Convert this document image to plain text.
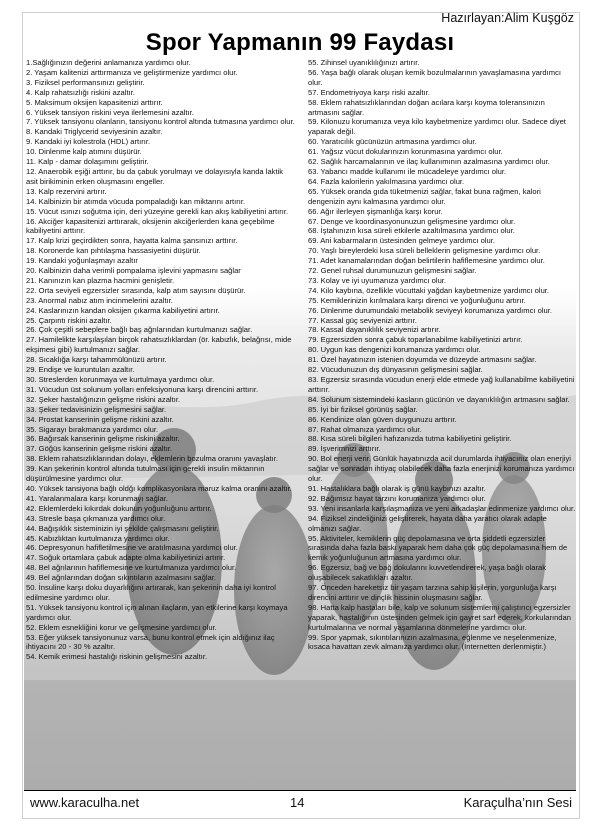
Hazırlayan:Alim Kuşgöz
Spor Yapmanın 99 Faydası
1.Sağlığınızın değerini anlamanıza yardımcı olur.
2. Yaşam kalitenizi arttırmanıza ve geliştirmenize yardımcı olur.
3. Fiziksel performansınızı geliştirir.
4. Kalp rahatsızlığı riskini azaltır.
5. Maksimum oksijen kapasitenizi arttırır.
6. Yüksek tansiyon riskini veya ilerlemesini azaltır.
7. Yüksek tansiyonu olanların, tansiyonu kontrol altında tutmasına yardımcı olur.
8. Kandaki Triglycerid seviyesinin azaltır.
9. Kandaki iyi kolestrola (HDL) artırır.
10. Dinlenme kalp atımını düşürür.
11. Kalp - damar dolaşımını geliştirir.
12. Anaerobik eşiği arttırır, bu da çabuk yorulmayı ve dolayısıyla kanda laktik asit birikiminin erken oluşmasını engeller.
13. Kalp rezervini artırır.
14. Kalbinizin bir atımda vücuda pompaladığı kan miktarını artırır.
15. Vücut ısınızı soğutma için, deri yüzeyine gerekli kan akış kabiliyetini artırır.
16. Akciğer kapasitenizi arttırarak, oksijenin akciğerlerden kana geçebilme kabiliyetini arttırır.
17. Kalp krizi geçirdikten sonra, hayatta kalma şansınızı arttırır.
18. Koronerde kan pıhtılaşma hassasiyetini düşürür.
19. Kandaki yoğunlaşmayı azaltır
20. Kalbinizin daha verimli pompalama işlevini yapmasını sağlar
21. Kanınızın kan plazma hacmini genişletir.
22. Orta seviyeli egzersizler sırasında, kalp atım sayısını düşürür.
23. Anormal nabız atım incinmelerini azaltır.
24. Kaslarınızın kandan oksijen çıkarma kabiliyetini artırır.
25. Çarpıntı riskini azaltır.
26. Çok çeşitli sebeplere bağlı baş ağrılarından kurtulmanızı sağlar.
27. Hamilelikte karşılaşılan birçok rahatsızlıklardan (ör. kabızlık, belağrısı, mide ekşimesi gibi) kurtulmanızı sağlar.
28. Sıcaklığa karşı tahammülünüzü artırır.
29. Endişe ve kuruntuları azaltır.
30. Streslerden korunmaya ve kurtulmaya yardımcı olur.
31. Vücudun üst solunum yolları enfeksiyonuna karşı direncini arttırır.
32. Şeker hastalığınızın gelişme riskini azaltır.
33. Şeker tedavisinizin gelişmesini sağlar.
34. Prostat kanserinin gelişme riskini azaltır.
35. Sigarayı bırakmanıza yardımcı olur.
36. Bağırsak kanserinin gelişme riskini azaltır.
37. Göğüs kanserinin gelişme riskini azaltır.
38. Eklem rahatsızlıklarından dolayı, eklemlerin bozulma oranını yavaşlatır.
39. Kan şekerinin kontrol altında tutulması için gerekli insulin miktarının düşürülmesine yardımcı olur.
40. Yüksek tansiyona bağlı oldğı komplikasyonlara maruz kalma oranını azaltır.
41. Yaralanmalara karşı korunmayı sağlar.
42. Eklemlerdeki kıkırdak dokunun yoğunluğunu arttırır.
43. Stresle başa çıkmanıza yardımcı olur.
44. Bağışıklık sisteminizin iyi şekilde çalışmasını geliştirir.
45. Kabızlıktan kurtulmanıza yardımcı olur.
46. Depresyonun hafifletilmesine ve aratılmasına yardımcı olur.
47. Soğuk ortamlara çabuk adapte olma kabiliyetinizi artırır.
48. Bel ağrılarının hafiflemesine ve kurtulmanıza yardımcı olur.
49. Bel ağrılarından doğan sıkıntıların azalmasını sağlar.
50. İnsuline karşı doku duyarlılığını artırarak, kan şekerinin daha iyi kontrol edilmesine yardımcı olur.
51. Yüksek tansiyonu kontrol için alınan ilaçların, yan etkilerine karşı koymaya yardımcı olur.
52. Eklem esnekliğini korur ve gelişmesine yardımcı olur.
53. Eğer yüksek tansiyonunuz varsa, bunu kontrol etmek için aldığınız ilaç ihtiyacını 20 - 30 % azaltır.
54. Kemik erimesi hastalığı riskinin gelişmesini azaltır.
55. Zihinsel uyanıklılığınızı artırır.
56. Yaşa bağlı olarak oluşan kemik bozulmalarının yavaşlamasına yardımcı olur.
57. Endometriyoya karşı riski azaltır.
58. Eklem rahatsızlıklarından doğan acılara karşı koyma toleransınızın artmasını sağlar.
59. Kilonuzu korumanıza veya kilo kaybetmenize yardımcı olur. Sadece diyet yaparak değil.
60. Yaratıcılık gücünüzün artmasına yardımcı olur.
61. Yağsız vücut dokularınızın korunmasına yardımcı olur.
62. Sağlık harcamalarının ve ilaç kullanımının azalmasına yardımcı olur.
63. Yabancı madde kullanımı ile mücadeleye yardımcı olur.
64. Fazla kalorilerin yakılmasına yardımcı olur.
65. Yüksek oranda gıda tüketmenizi sağlar, fakat buna rağmen, kalori dengenizin aynı kalmasına yardımcı olur.
66. Ağır ilerleyen şişmanlığa karşı korur.
67. Denge ve koordinasyonunuzun gelişmesine yardımcı olur.
68. İştahınızın kısa süreli etkilerle azaltılmasına yardımcı olur.
69. Ani kabarmaların üstesinden gelmeye yardımcı olur.
70. Yaşlı bireylerdeki kısa süreli belleklerin gelişmesine yardımcı olur.
71. Adet kanamalarından doğan belirtilerin hafiflemesine yardımcı olur.
72. Genel ruhsal durumunuzun gelişmesini sağlar.
73. Kolay ve iyi uyumanıza yardımcı olur.
74. Kilo kaybına, özellikle vücuttaki yağdan kaybetmenize yardımcı olur.
75. Kemiklerinizin kırılmalara karşı direnci ve yoğunluğunu artırır.
76. Dinlenme durumundaki metabolik seviyeyi korumanıza yardımcı olur.
77. Kassal güç seviyenizi arttırır.
78. Kassal dayanıklılık seviyenizi artırır.
79. Egzersizden sonra çabuk toparlanabilme kabiliyetinizi artırır.
80. Uygun kas dengenizi korumanıza yardımcı olur.
81. Özel hayatınızın istenien doyumda ve düzeyde artmasını sağlar.
82. Vücudunuzun dış dünyasının gelişmesini sağlar.
83. Egzersiz sırasında vücudun enerji elde etmede yağ kullanabilme kabiliyetini arttırır.
84. Solunum sistemindeki kasların gücünün ve dayanıklılığın artmasını sağlar.
85. İyi bir fiziksel görünüş sağlar.
86. Kendinize olan güven duygunuzu arttırır.
87. Rahat olmanıza yardımcı olur.
88. Kısa süreli bilgileri hafızanızda tutma kabiliyetini geliştirir.
89. İşverimnizi arttırır.
90. Bol enerji verir. Günlük hayatınızda acil durumlarda ihtiyacınız olan enerjiyi sağlar ve sonradan ihtiyaç olabilecek daha fazla enerjinizi korumanıza yardımcı olur.
91. Hastalıklara bağlı olarak iş günü kaybınızı azaltır.
92. Bağımsız hayat tarzını korumanıza yardımcı olur.
93. Yeni insanlarla karşılaşmanıza ve yeni arkadaşlar edinmenize yardımcı olur.
94. Fiziksel zindeliğinizi geliştirerek, hayata daha yaratıcı olarak adapte olmanızı sağlar.
95. Aktiviteler, kemiklerin güç depolamasına ve orta şiddetli egzersizler sırasında daha fazla baskı yaparak hem daha çok güç depolamasına hem de kemik yoğunluğunun artmasına yardımcı olur.
96. Egzersiz, bağ ve bağ dokularını kuvvetlendirerek, yaşa bağlı olarak oluşabilecek sakatlıkları azaltır.
97. Önceden hareketsiz bir yaşam tarzına sahip kişilerin, yorgunluğa karşı direncini arttırır ve dinçlik hissinin oluşmasını sağlar.
98. Hatta kalp hastaları bile, kalp ve solunum sistemlerini çalıştırıcı egzersizler yaparak, hastalığının üstesinden gelmek için gayret sarf ederek, korkularından kurtulmalarına ve normal yaşamlarına dönmelerine yardımcı olur.
99. Spor yapmak, sıkıntılarınızın azalmasına, eğlenme ve neşelenmenize, kısaca havattan zevk almanıza yardımcı olur. (İnternetten derlenmiştir.)
www.karaculha.net	14	Karaçulha’nın Sesi
